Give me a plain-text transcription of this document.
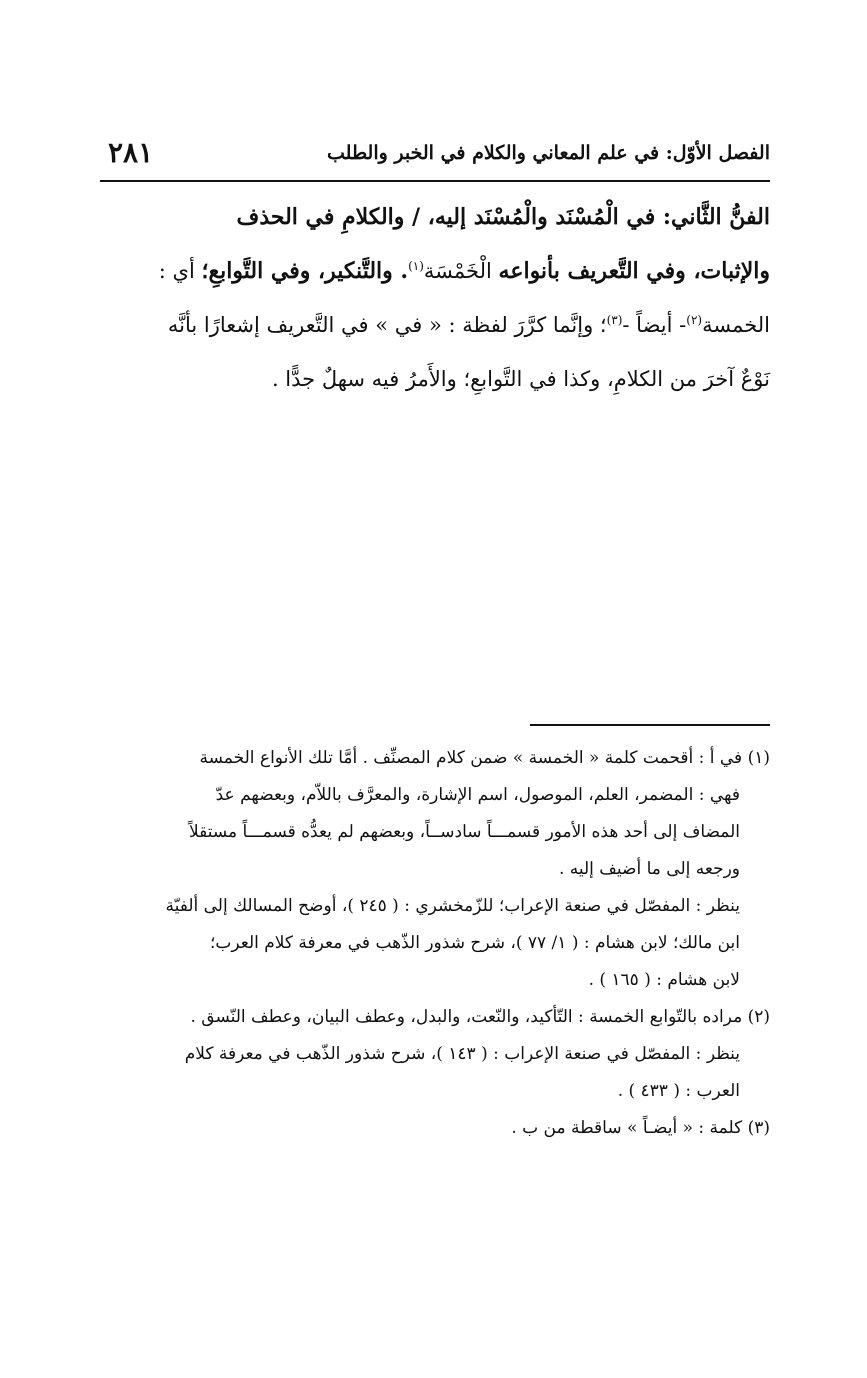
الفصل الأوّل: في علم المعاني والكلام في الخبر والطلب
٢٨١
الفنُّ الثَّاني: في الْمُسْنَد والْمُسْنَد إليه، / والكلامِ في الحذف
والإثبات، وفي التَّعريف بأنواعه الْخَمْسَة$^{(١)}$. والتَّنكير، وفي التَّوابعِ؛ أي :
الخمسة$^{(٢)}$- أيضاً -$^{(٣)}$؛ وإنَّما كرَّرَ لفظة : « في » في التَّعريف إشعارًا بأنَّه
نَوْعٌ آخرَ من الكلامِ، وكذا في التَّوابعِ؛ والأَمرُ فيه سهلٌ جدًّا .
(١) في أ : أقحمت كلمة « الخمسة » ضمن كلام المصنِّف . أمَّا تلك الأنواع الخمسة
فهي : المضمر، العلم، الموصول، اسم الإشارة، والمعرَّف باللاّم، وبعضهم عدّ
المضاف إلى أحد هذه الأمور قسمـــاً سادســاً، وبعضهم لم يعدُّه قسمـــاً مستقلاً
ورجعه إلى ما أضيف إليه .
ينظر : المفصّل في صنعة الإعراب؛ للزّمخشري : ( ٢٤٥ )، أوضح المسالك إلى ألفيّة
ابن مالك؛ لابن هشام : ( ١/ ٧٧ )، شرح شذور الذّهب في معرفة كلام العرب؛
لابن هشام : ( ١٦٥ ) .
(٢) مراده بالتّوابع الخمسة : التّأكيد، والنّعت، والبدل، وعطف البيان، وعطف النّسق .
ينظر : المفصّل في صنعة الإعراب : ( ١٤٣ )، شرح شذور الذّهب في معرفة كلام
العرب : ( ٤٣٣ ) .
(٣) كلمة : « أيضـاً » ساقطة من ب .
